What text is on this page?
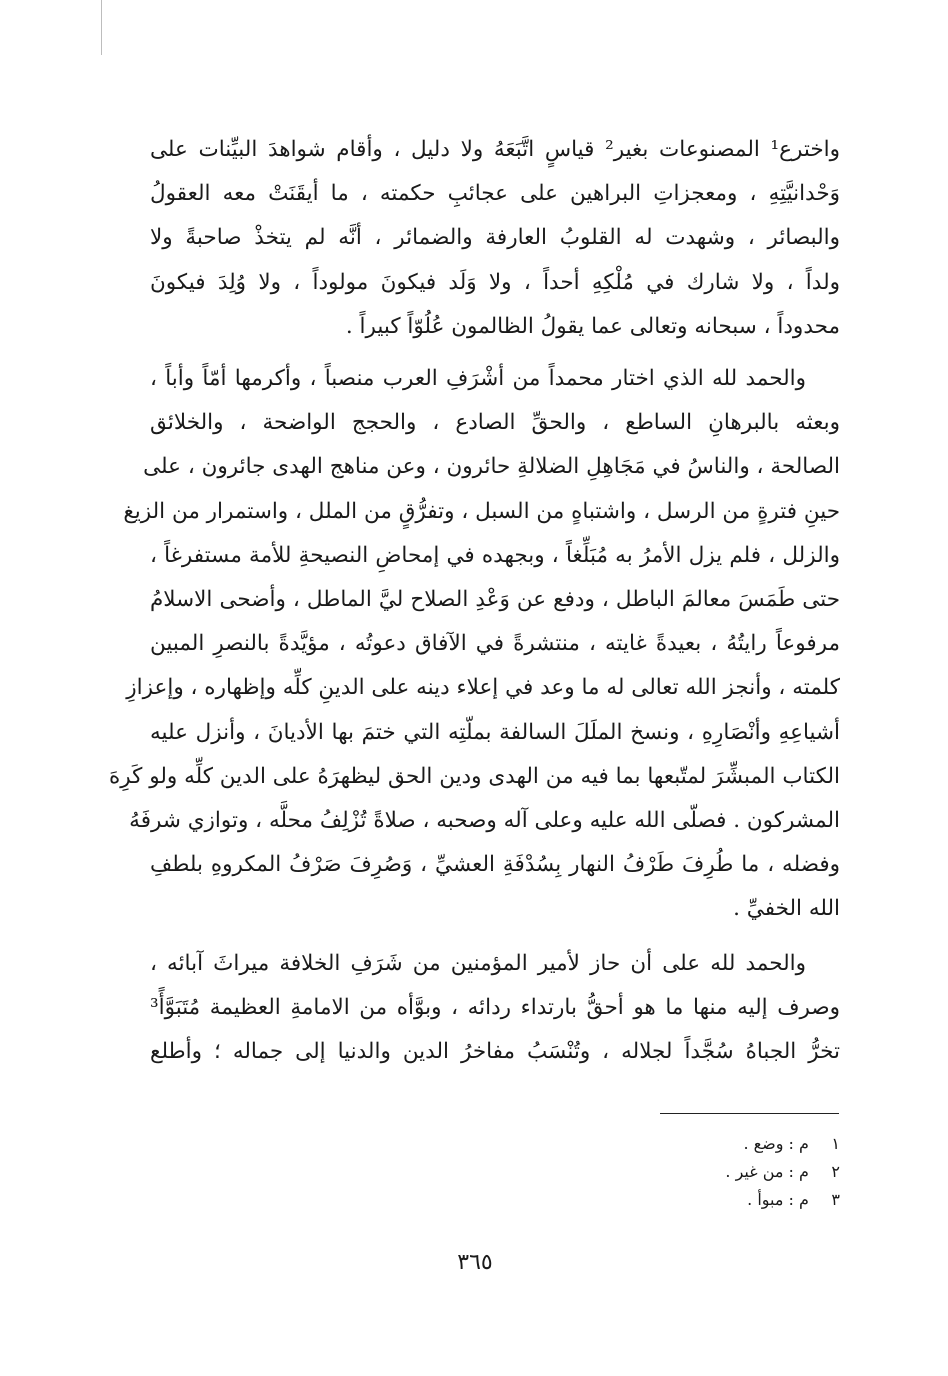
واخترع¹ المصنوعات بغير² قياسٍ اتَّبَعَهُ ولا دليل ، وأقام شواهدَ البيِّنات على
وَحْدانيَّتِهِ ، ومعجزاتِ البراهين على عجائبِ حكمته ، ما أيقَنَتْ معه العقولُ
والبصائر ، وشهدت له القلوبُ العارفة والضمائر ، أنَّه لم يتخذْ صاحبةً ولا
ولداً ، ولا شارك في مُلْكِهِ أحداً ، ولا وَلَد فيكونَ مولوداً ، ولا وُلِدَ فيكونَ
محدوداً ، سبحانه وتعالى عما يقولُ الظالمون عُلُوّاً كبيراً .

والحمد لله الذي اختار محمداً من أشْرَفِ العرب منصباً ، وأكرمها أمّاً وأباً ،
وبعثه بالبرهانِ الساطع ، والحقِّ الصادع ، والحجج الواضحة ، والخلائق
الصالحة ، والناسُ في مَجَاهِلِ الضلالةِ حائرون ، وعن مناهج الهدى جائرون ، على
حينِ فترةٍ من الرسل ، واشتباهٍ من السبل ، وتفرُّقٍ من الملل ، واستمرار من الزيغ
والزلل ، فلم يزل الأمرُ به مُبَلِّغاً ، وبجهده في إمحاضِ النصيحةِ للأمة مستفرغاً ،
حتى طَمَسَ معالمَ الباطل ، ودفع عن وَعْدِ الصلاح ليَّ الماطل ، وأضحى الاسلامُ
مرفوعاً رايتُهُ ، بعيدةً غايته ، منتشرةً في الآفاق دعوتُه ، مؤيَّدةً بالنصرِ المبين
كلمته ، وأنجز الله تعالى له ما وعد في إعلاء دينه على الدينِ كلِّه وإظهاره ، وإعزازِ
أشياعِهِ وأنْصَارِهِ ، ونسخ الملَلَ السالفة بملّتِه التي ختمَ بها الأديانَ ، وأنزل عليه
الكتاب المبشِّرَ لمتّبعها بما فيه من الهدى ودين الحق ليظهرَهُ على الدين كلِّه ولو كَرِهَ
المشركون . فصلّى الله عليه وعلى آله وصحبه ، صلاةً تُزْلِفُ محلَّه ، وتوازي شرفَهُ
وفضله ، ما طُرِفَ طَرْفُ النهار بِسُدْفَةِ العشيِّ ، وَصُرِفَ صَرْفُ المكروهِ بلطفِ
الله الخفيِّ .

والحمد لله على أن حاز لأمير المؤمنين من شَرَفِ الخلافة ميراثَ آبائه ،
وصرف إليه منها ما هو أحقُّ بارتداء ردائه ، وبوَّأه من الامامةِ العظيمة مُتَبَوَّأً³
تخرُّ الجباهُ سُجَّداً لجلاله ، وتُنْسَبُ مفاخرُ الدين والدنيا إلى جماله ؛ وأطلع

١ م : وضع .
٢ م : من غير .
٣ م : مبوأ .
٣٦٥
